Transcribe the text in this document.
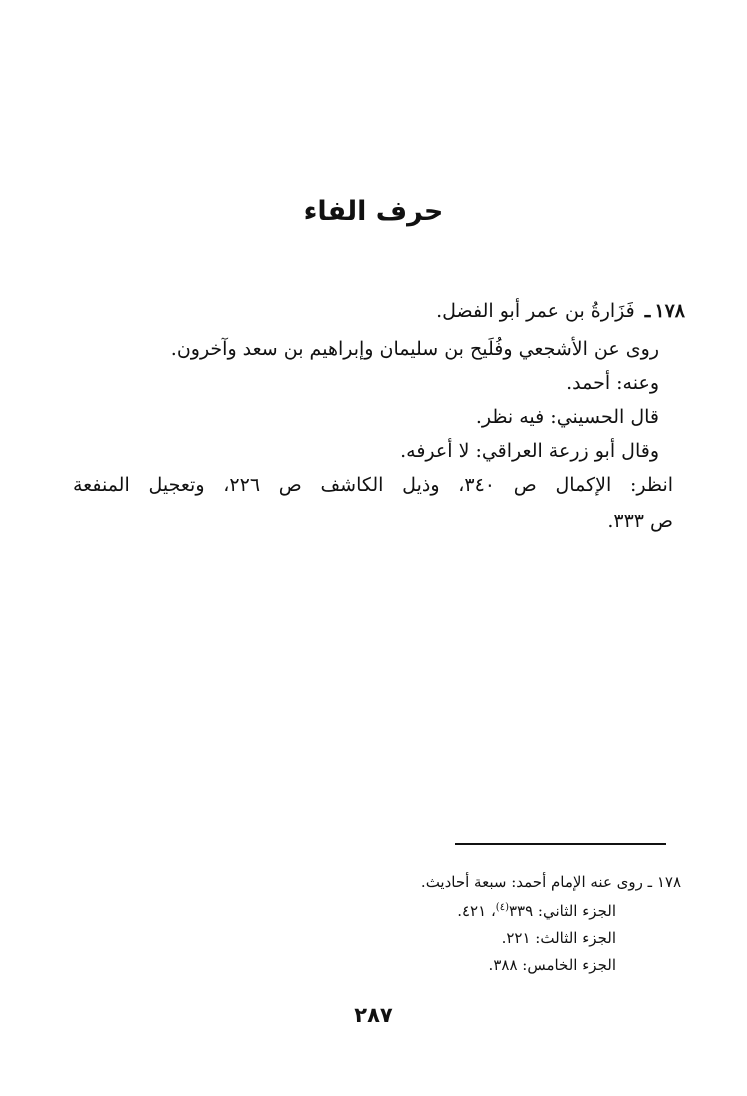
حرف الفاء
١٧٨ـ فَزَارةُ بن عمر أبو الفضل.
روى عن الأشجعي وفُلَيح بن سليمان وإبراهيم بن سعد وآخرون.
وعنه: أحمد.
قال الحسيني: فيه نظر.
وقال أبو زرعة العراقي: لا أعرفه.
انظر: الإكمال ص ٣٤٠، وذيل الكاشف ص ٢٢٦، وتعجيل المنفعة
ص ٣٣٣.
١٧٨ ـ روى عنه الإمام أحمد: سبعة أحاديث.
الجزء الثاني: ٣٣٩$^{(٤)}$، ٤٢١.
الجزء الثالث: ٢٢١.
الجزء الخامس: ٣٨٨.
٢٨٧
